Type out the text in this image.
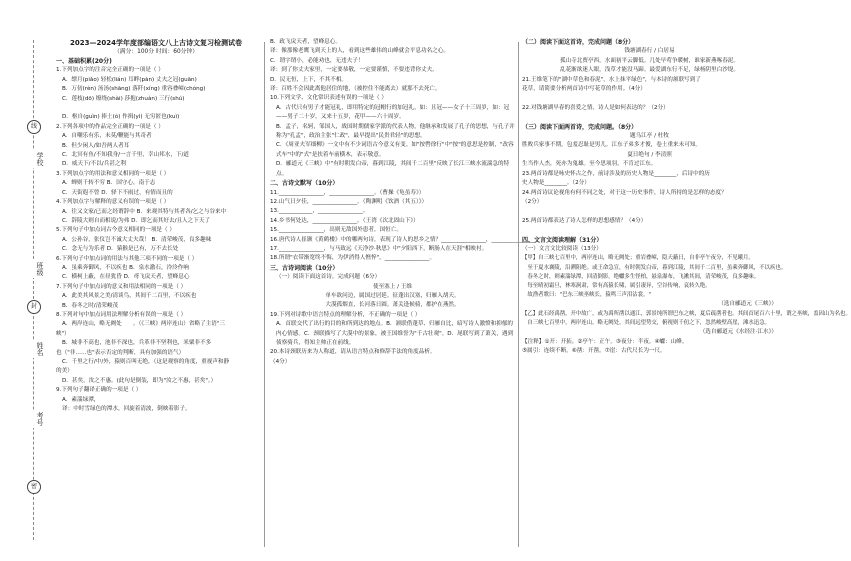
学校
班级
姓名
考号
线
封
密
2023—2024学年度部编语文八上古诗文复习检测试卷
（满分：100分 时间：60分钟）
一、基础积累(20分)
1.下列加点字的注音完全正确的一项是（ ）
A．缥月(piǎo) 轻松(lián) 耳畔(pàn) 丈夫之冠(guān)
B．万仞(rèn) 汤汤(shāng) 落阡(xíng) 重容叠嶂(chóng)
C．莲枝(dō) 缭绕(shài) 莎抱(zhuàn) 三行(shú)

D．枢自(guìn) 捧土(ó) 作揖(yì) 无穷匿也(kuì)
2.下列各项中的作品完全正确的一项是（ ）
A．自嘲乐有乐，未莫/鞭能与其奇者
B．但少闲人/如吾两人者耳
C．北冥有鱼/不知我身/一言千里，幸山邦水，下/道
D．威天下/不以/兵甚之利
3.下列加点字的用法和意义相同的一项是（ ）
A．蝉则千转不穷 B．国守心，南于志
C．天街遐不曾 D．驿下不雨过，有情而且的
4.下列加点字与解释的意义有误的一项是（ ）
A．往又文家/已而之经谓辞中 B．来观其特与其者各/乞之与谷来中
C．辞陵大则自而相说/为弗 D．即乞而其好去/且人之下天了
5.下列句子中加点词古今意义相同的一项是（ ）
A．公孙谷，张仪岂不诚大丈夫哉！ B．清荣峻茂，良多趣味
C．念无与为乐者 D．猿猴是已有，万不去长处
6.下列句子中加点词的用法与其他三项不同的一项是（ ）
A．虽乘奔御风，不以疾也 B．泉水激石，泠泠作响
C．横柯上蔽，在昼犹昏 D．鸢飞戾天者，望峰息心
7.下列句子中加点词的意义和用法相同的一项是（ ）
A．此美其风景之美/清谈鸟，其间千二百里，不以疾也
B．春冬之时/清荣峻茂
8.下列对句中加点词用法理解分析有误的一项是（ ）
A．两岸连山，略无阙处　　。（《三峡》两岸连山）省略了主语"三
峡"）
B．城非不高也，池非不深也，兵革非不坚利也，米粟非不多
也（"非……也"表示否定的判断，具有加强的语气）
C．千里之行/中/外，猿则百叫无绝，（这是观察的角度，重视声和静
的美）
D．甚矣，汝之不惠。(此句是倒装，即为"汝之不惠，甚矣"。）
9.下列句子翻译正确的一项是（ ）
A．素湍绿潭，
译：中时雪绿色的潭水，回旋着清波，倒映着影子。
B．政飞戾天者，望峰息心。
译：像那像老鹰飞到天上的人，看到这些雄伟的山峰就会平息功名之心。
C．谓字谓小，必能劝也，无违夫子！
译：到了你丈夫家里，一定要恭敬，一定要谨慎，不要违背你丈夫。
D．民无恒，上下，不其不相。
译：百姓不会因此离他居住的地，（被控住不能离去）就那不去死亡。
10.下列文学、文化常识表述有误的一项是（ ）
A．古代只有男子才能冠礼，即用特定的冠帽行的加冠礼，如：且冠——女子十三周岁，如：冠——男子二十岁，又来十五岁，花甲——六十周岁。
B．孟子，名轲，邹国人，战国时期儒家学派的代表人物，他继承和发展了孔子的思想，与孔子并称为"孔孟"，政治主张"仁政"，最早提出"民贵君轻"的思想。
C．《周亚夫军细柳》一文中有不少词语古今意义有变。如"按辔徐行"中"按"的意思是控制，"改容式车"中的"式"是扶着车前横木，表示敬意。
D．郦道元《三峡》中"有时朝发白帝，暮到江陵，其间千二百里"反映了长江三峡水流湍急的特点。
二、古诗文默写（10分）
11.________________，________________。（曹操《龟虽寿》）
12.山气日夕佳，________________。（陶渊明《饮酒（其五）》）
13.____________，________________。
14.乡书何处达，________________。（王湾《次北固山下》）
15.________________，出则无敌国外患者，国恒亡。
16.唐代诗人崔颢《黄鹤楼》中的哪两句诗，表现了诗人的思乡之情？________________，________________。
17.________________，与马致远《天净沙·秋思》中"夕阳西下，断肠人在天涯"相映衬。
18.所谓"衣带渐宽终不悔，为伊消得人憔悴"，________________。
三、古诗词阅读（10分）
（一）阅读下面这首诗，完成问题（6分）
使至塞上 / 王维
单车欲问边，属国过居延。征蓬出汉塞，归雁入胡天。
大漠孤烟直，长河落日圆。萧关逢候骑，都护在燕然。
19.下列对诗歌中语言特点的理解分析，不正确的一项是（ ）
A．首联交代了出行的目的和所到达的地点。B．颔联借蓬草、归雁自比，暗写诗人激愤和抑郁的内心情感。C．颈联描写了大漠中的景象，被王国维誉为"千古壮观"。D．尾联写到了萧关，遇到侦察骑兵，得知主帅正在前线。
20.本诗颈联历来为人称道，请从语言特点和修辞手法的角度品析。
（4分）
（二）阅读下面这首诗，完成问题（8分）
钱塘湖春行 / 白居易
孤山寺北贾亭西，水面初平云脚低。几处早莺争暖树，谁家新燕啄春泥。
乱花渐欲迷人眼，浅草才能没马蹄。最爱湖东行不足，绿杨阴里白沙堤。
21.王维笔下的"湖中草色和春泥"，水上抹平绿色"，与本诗的颔联写到了
花草，请简要分析两首诗中写花草的作用。（4分）

22.对钱塘湖早春的喜爱之情，诗人是如何表达的？（2分）

（三）阅读下面两首诗，完成问题。（8分）
题乌江亭 / 杜牧
胜败兵家事不期，包羞忍耻是男儿。江东子弟多才俊，卷土重来未可知。
夏日绝句 / 李清照
生当作人杰，死亦为鬼雄。至今思项羽，不肯过江东。
23.两首诗都是咏史怀古之作，前诗涉及的历史人物是________，后诗中的历
史人物是________。（2分）
24.两首诗议论视角有何不同之处，对于这一历史事件，诗人所持的是怎样的态度？
（2分）

25.两首诗都表达了诗人怎样的思想感情？（4分）

四、文言文阅读理解（31分）
（一）文言文比较阅读（13分）
【甲】自三峡七百里中，两岸连山，略无阙处；重岩叠嶂，隐天蔽日，自非亭午夜分，不见曦月。
　至于夏水襄陵，沿溯阻绝。或王命急宣，有时朝发白帝，暮到江陵，其间千二百里，虽乘奔御风，不以疾也。
　春冬之时，则素湍绿潭，回清倒影。绝巘多生怪柏，悬泉瀑布，飞漱其间，清荣峻茂，良多趣味。
　每至晴初霜旦，林寒涧肃，常有高猿长啸，属引凄异，空谷传响，哀转久绝。
　故渔者歌曰："巴东三峡巫峡长，猿鸣三声泪沾裳。"
（选自郦道元《三峡》）
【乙】此石经禹凿，开中故广，或为禹所凿以通江，郭景纯所谓巴东之峡，夏后疏凿者也。其间首尾百六十里，谓之巫峡，盖因山为名也。
　自三峡七百里中，两岸连山，略无阙处。其间远望势交，俯视则千仞之下，忽然峻壁高崖，滩水迅急。
（选自郦道元《水经注·江水》）
【注释】①开：开拓。②亭午：正午。③夜分：半夜。④巘：山峰。
⑤属引：连续不断。⑥凿：开凿。⑦崖：古代尺长为一尺。
